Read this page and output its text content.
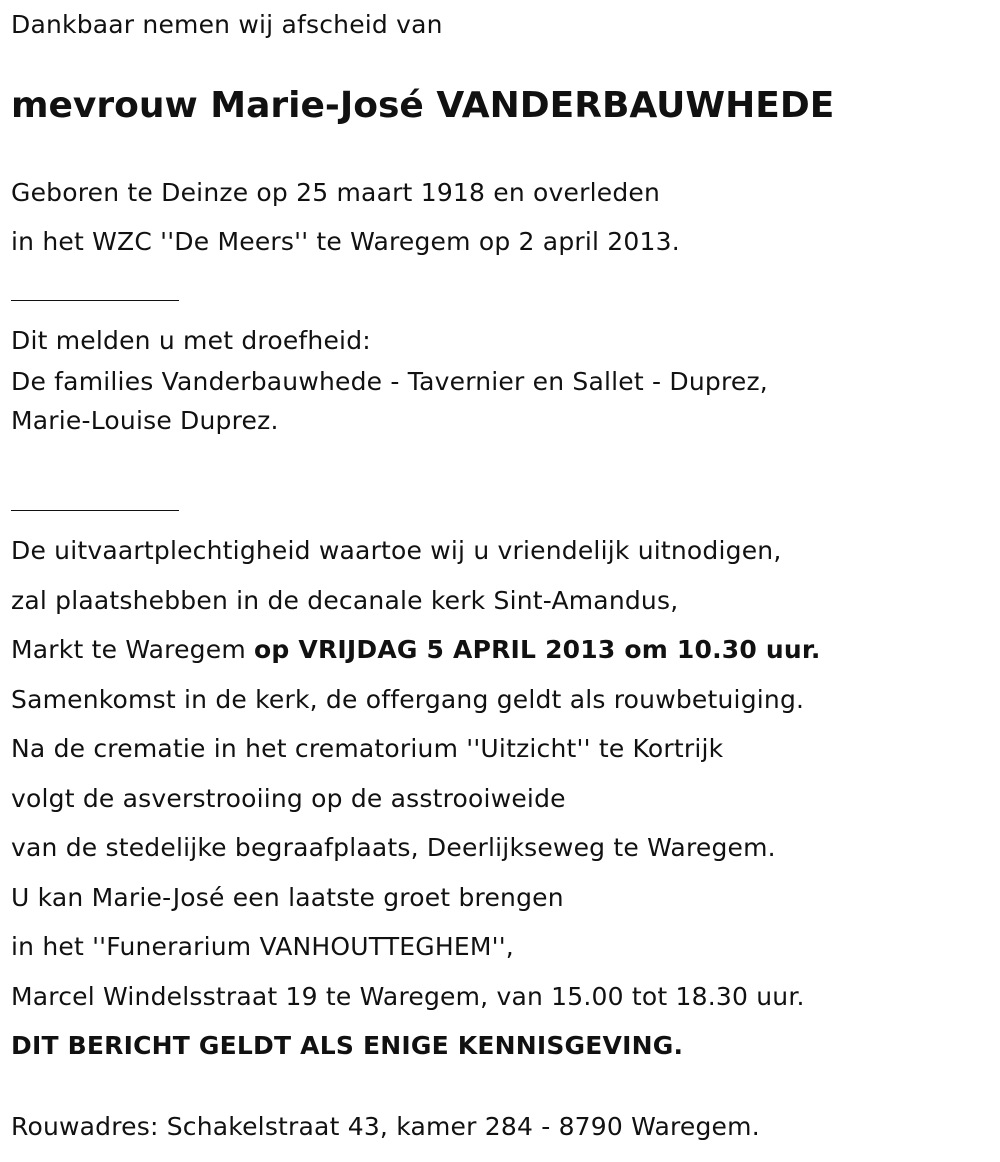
Dankbaar nemen wij afscheid van
mevrouw Marie-José VANDERBAUWHEDE
Geboren te Deinze op 25 maart 1918 en overleden
in het WZC ''De Meers'' te Waregem op 2 april 2013.
Dit melden u met droefheid:
De families Vanderbauwhede - Tavernier en Sallet - Duprez,
Marie-Louise Duprez.
De uitvaartplechtigheid waartoe wij u vriendelijk uitnodigen,
zal plaatshebben in de decanale kerk Sint-Amandus,
Markt te Waregem op VRIJDAG 5 APRIL 2013 om 10.30 uur.
Samenkomst in de kerk, de offergang geldt als rouwbetuiging.
Na de crematie in het crematorium ''Uitzicht'' te Kortrijk
volgt de asverstrooiing op de asstrooiweide
van de stedelijke begraafplaats, Deerlijkseweg te Waregem.
U kan Marie-José een laatste groet brengen
in het ''Funerarium VANHOUTTEGHEM'',
Marcel Windelsstraat 19 te Waregem, van 15.00 tot 18.30 uur.
DIT BERICHT GELDT ALS ENIGE KENNISGEVING.
Rouwadres: Schakelstraat 43, kamer 284 - 8790 Waregem.
